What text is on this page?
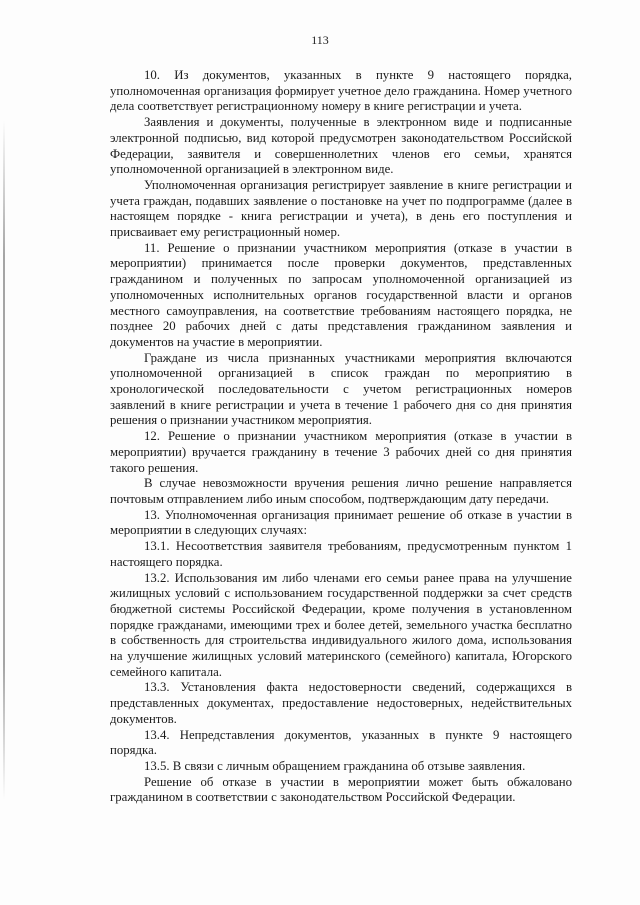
113

10. Из документов, указанных в пункте 9 настоящего порядка, уполномоченная организация формирует учетное дело гражданина. Номер учетного дела соответствует регистрационному номеру в книге регистрации и учета.

Заявления и документы, полученные в электронном виде и подписанные электронной подписью, вид которой предусмотрен законодательством Российской Федерации, заявителя и совершеннолетних членов его семьи, хранятся уполномоченной организацией в электронном виде.

Уполномоченная организация регистрирует заявление в книге регистрации и учета граждан, подавших заявление о постановке на учет по подпрограмме (далее в настоящем порядке - книга регистрации и учета), в день его поступления и присваивает ему регистрационный номер.

11. Решение о признании участником мероприятия (отказе в участии в мероприятии) принимается после проверки документов, представленных гражданином и полученных по запросам уполномоченной организацией из уполномоченных исполнительных органов государственной власти и органов местного самоуправления, на соответствие требованиям настоящего порядка, не позднее 20 рабочих дней с даты представления гражданином заявления и документов на участие в мероприятии.

Граждане из числа признанных участниками мероприятия включаются уполномоченной организацией в список граждан по мероприятию в хронологической последовательности с учетом регистрационных номеров заявлений в книге регистрации и учета в течение 1 рабочего дня со дня принятия решения о признании участником мероприятия.

12. Решение о признании участником мероприятия (отказе в участии в мероприятии) вручается гражданину в течение 3 рабочих дней со дня принятия такого решения.

В случае невозможности вручения решения лично решение направляется почтовым отправлением либо иным способом, подтверждающим дату передачи.

13. Уполномоченная организация принимает решение об отказе в участии в мероприятии в следующих случаях:

13.1. Несоответствия заявителя требованиям, предусмотренным пунктом 1 настоящего порядка.

13.2. Использования им либо членами его семьи ранее права на улучшение жилищных условий с использованием государственной поддержки за счет средств бюджетной системы Российской Федерации, кроме получения в установленном порядке гражданами, имеющими трех и более детей, земельного участка бесплатно в собственность для строительства индивидуального жилого дома, использования на улучшение жилищных условий материнского (семейного) капитала, Югорского семейного капитала.

13.3. Установления факта недостоверности сведений, содержащихся в представленных документах, предоставление недостоверных, недействительных документов.

13.4. Непредставления документов, указанных в пункте 9 настоящего порядка.

13.5. В связи с личным обращением гражданина об отзыве заявления.

Решение об отказе в участии в мероприятии может быть обжаловано гражданином в соответствии с законодательством Российской Федерации.
